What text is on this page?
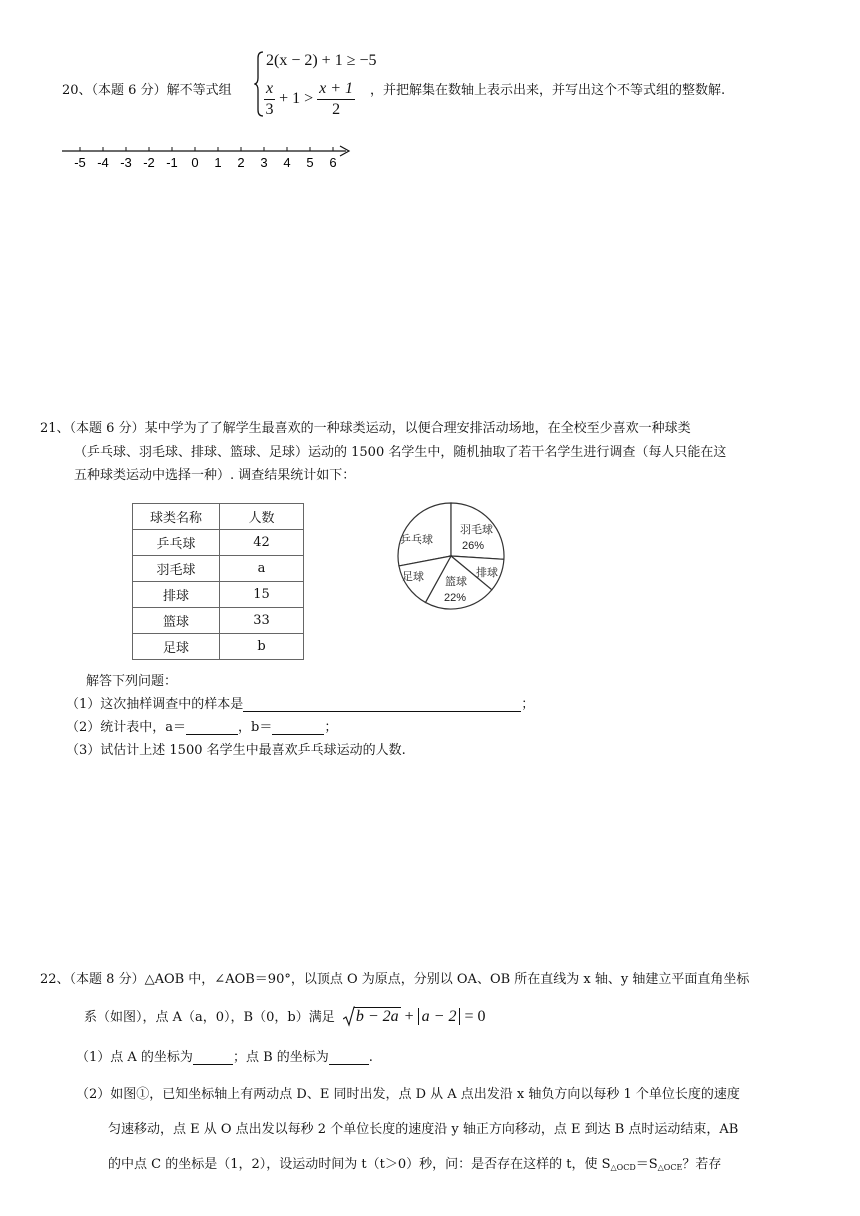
20、（本题 6 分）解不等式组
2(x − 2) + 1 ≥ −5
$\frac{x}{3} + 1 > \frac{x + 1}{2}$ ，并把解集在数轴上表示出来，并写出这个不等式组的整数解.
-5 -4 -3 -2 -1 0 1 2 3 4 5 6
21、（本题 6 分）某中学为了了解学生最喜欢的一种球类运动，以便合理安排活动场地，在全校至少喜欢一种球类
（乒乓球、羽毛球、排球、篮球、足球）运动的 1500 名学生中，随机抽取了若干名学生进行调查（每人只能在这
五种球类运动中选择一种）. 调查结果统计如下：
球类名称	人数
乒乓球	42
羽毛球	a
排球	15
篮球	33
足球	b
乒乓球
羽毛球
26%
排球
篮球
22%
足球
解答下列问题：
（1）这次抽样调查中的样本是	；
（2）统计表中，a＝	，b＝	；
（3）试估计上述 1500 名学生中最喜欢乒乓球运动的人数.
22、（本题 8 分）△AOB 中，∠AOB＝90°，以顶点 O 为原点，分别以 OA、OB 所在直线为 x 轴、y 轴建立平面直角坐标
系（如图），点 A（a，0），B（0，b）满足 b − 2a + a − 2 = 0
（1）点 A 的坐标为	；点 B 的坐标为	.
（2）如图①，已知坐标轴上有两动点 D、E 同时出发，点 D 从 A 点出发沿 x 轴负方向以每秒 1 个单位长度的速度
匀速移动，点 E 从 O 点出发以每秒 2 个单位长度的速度沿 y 轴正方向移动，点 E 到达 B 点时运动结束，AB
的中点 C 的坐标是（1，2），设运动时间为 t（t＞0）秒，问：是否存在这样的 t，使 $S_{\triangle OCD}=S_{\triangle OCE}$？若存
